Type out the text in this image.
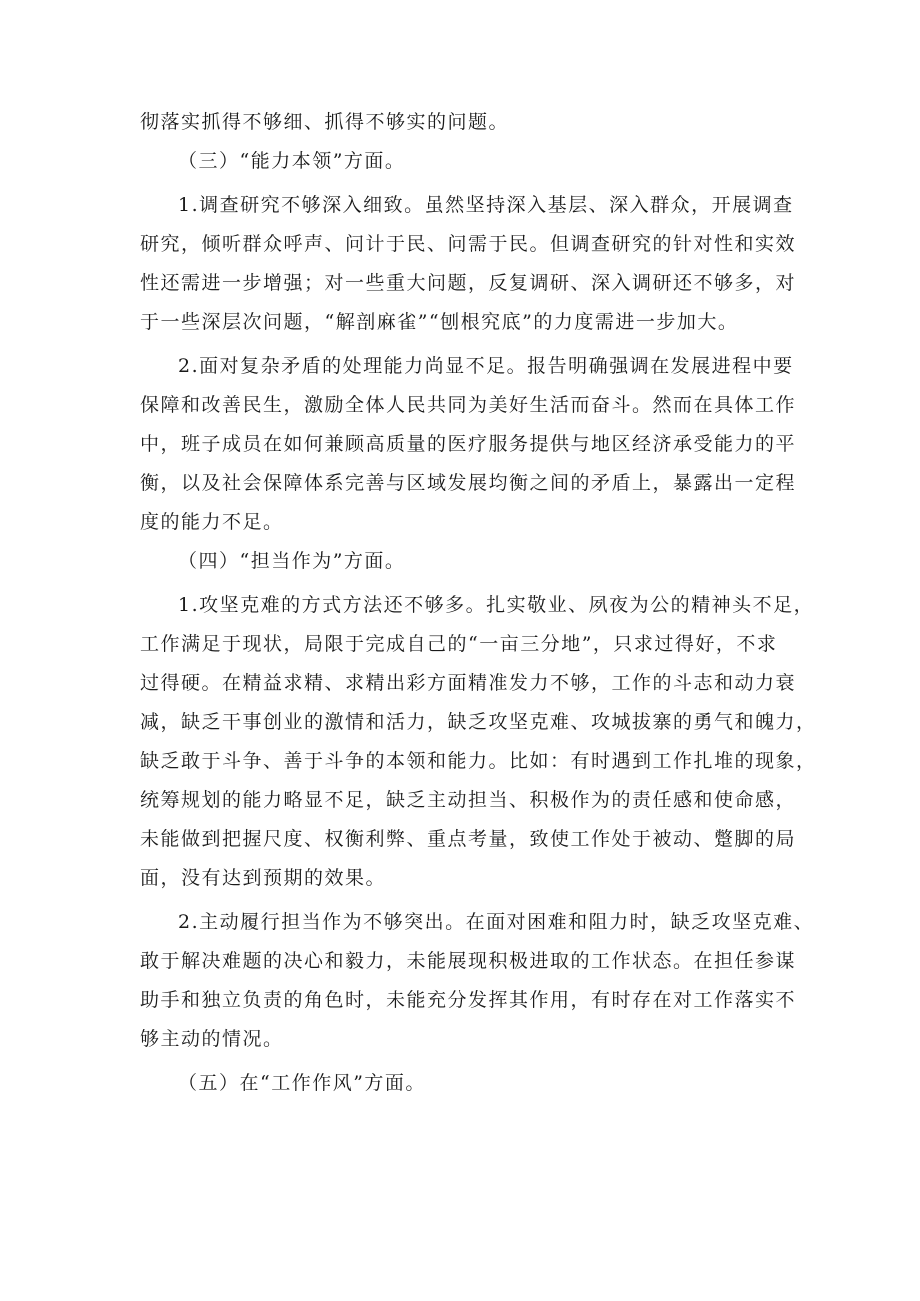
彻落实抓得不够细、抓得不够实的问题。
（三）“能力本领”方面。
1.调查研究不够深入细致。虽然坚持深入基层、深入群众，开展调查
研究，倾听群众呼声、问计于民、问需于民。但调查研究的针对性和实效
性还需进一步增强；对一些重大问题，反复调研、深入调研还不够多，对
于一些深层次问题，“解剖麻雀”“刨根究底”的力度需进一步加大。
2.面对复杂矛盾的处理能力尚显不足。报告明确强调在发展进程中要
保障和改善民生，激励全体人民共同为美好生活而奋斗。然而在具体工作
中，班子成员在如何兼顾高质量的医疗服务提供与地区经济承受能力的平
衡，以及社会保障体系完善与区域发展均衡之间的矛盾上，暴露出一定程
度的能力不足。
（四）“担当作为”方面。
1.攻坚克难的方式方法还不够多。扎实敬业、夙夜为公的精神头不足，
工作满足于现状，局限于完成自己的“一亩三分地”，只求过得好，不求
过得硬。在精益求精、求精出彩方面精准发力不够，工作的斗志和动力衰
减，缺乏干事创业的激情和活力，缺乏攻坚克难、攻城拔寨的勇气和魄力，
缺乏敢于斗争、善于斗争的本领和能力。比如：有时遇到工作扎堆的现象，
统筹规划的能力略显不足，缺乏主动担当、积极作为的责任感和使命感，
未能做到把握尺度、权衡利弊、重点考量，致使工作处于被动、蹩脚的局
面，没有达到预期的效果。
2.主动履行担当作为不够突出。在面对困难和阻力时，缺乏攻坚克难、
敢于解决难题的决心和毅力，未能展现积极进取的工作状态。在担任参谋
助手和独立负责的角色时，未能充分发挥其作用，有时存在对工作落实不
够主动的情况。
（五）在“工作作风”方面。
